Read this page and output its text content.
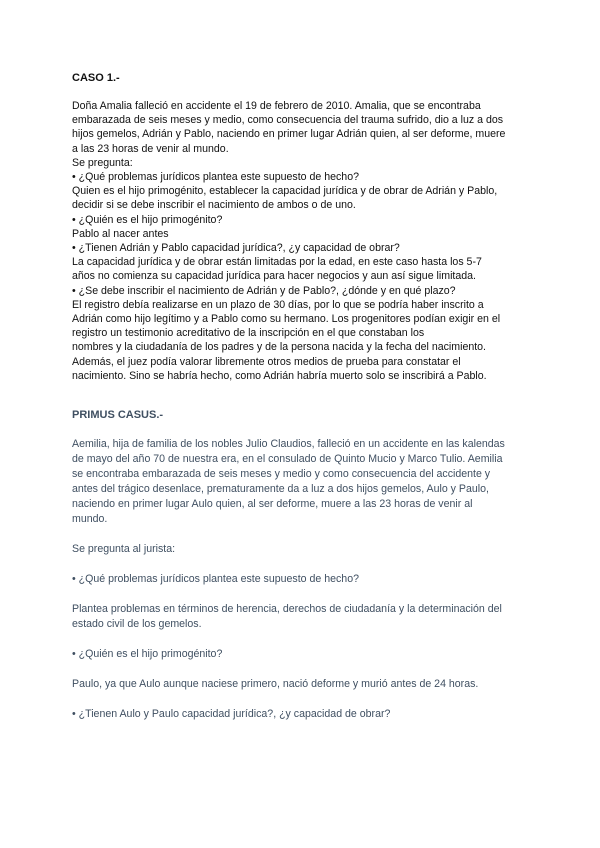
CASO 1.-
Doña Amalia falleció en accidente el 19 de febrero de 2010. Amalia, que se encontraba
embarazada de seis meses y medio, como consecuencia del trauma sufrido, dio a luz a dos
hijos gemelos, Adrián y Pablo, naciendo en primer lugar Adrián quien, al ser deforme, muere
a las 23 horas de venir al mundo.
Se pregunta:
• ¿Qué problemas jurídicos plantea este supuesto de hecho?
Quien es el hijo primogénito, establecer la capacidad jurídica y de obrar de Adrián y Pablo,
decidir si se debe inscribir el nacimiento de ambos o de uno.
• ¿Quién es el hijo primogénito?
Pablo al nacer antes
• ¿Tienen Adrián y Pablo capacidad jurídica?, ¿y capacidad de obrar?
La capacidad jurídica y de obrar están limitadas por la edad, en este caso hasta los 5-7
años no comienza su capacidad jurídica para hacer negocios y aun así sigue limitada.
• ¿Se debe inscribir el nacimiento de Adrián y de Pablo?, ¿dónde y en qué plazo?
El registro debía realizarse en un plazo de 30 días, por lo que se podría haber inscrito a
Adrián como hijo legítimo y a Pablo como su hermano. Los progenitores podían exigir en el
registro un testimonio acreditativo de la inscripción en el que constaban los
nombres y la ciudadanía de los padres y de la persona nacida y la fecha del nacimiento.
Además, el juez podía valorar libremente otros medios de prueba para constatar el
nacimiento. Sino se habría hecho, como Adrián habría muerto solo se inscribirá a Pablo.
PRIMUS CASUS.-
Aemilia, hija de familia de los nobles Julio Claudios, falleció en un accidente en las kalendas
de mayo del año 70 de nuestra era, en el consulado de Quinto Mucio y Marco Tulio. Aemilia
se encontraba embarazada de seis meses y medio y como consecuencia del accidente y
antes del trágico desenlace, prematuramente da a luz a dos hijos gemelos, Aulo y Paulo,
naciendo en primer lugar Aulo quien, al ser deforme, muere a las 23 horas de venir al
mundo.
Se pregunta al jurista:
• ¿Qué problemas jurídicos plantea este supuesto de hecho?
Plantea problemas en términos de herencia, derechos de ciudadanía y la determinación del
estado civil de los gemelos.
• ¿Quién es el hijo primogénito?
Paulo, ya que Aulo aunque naciese primero, nació deforme y murió antes de 24 horas.
• ¿Tienen Aulo y Paulo capacidad jurídica?, ¿y capacidad de obrar?
